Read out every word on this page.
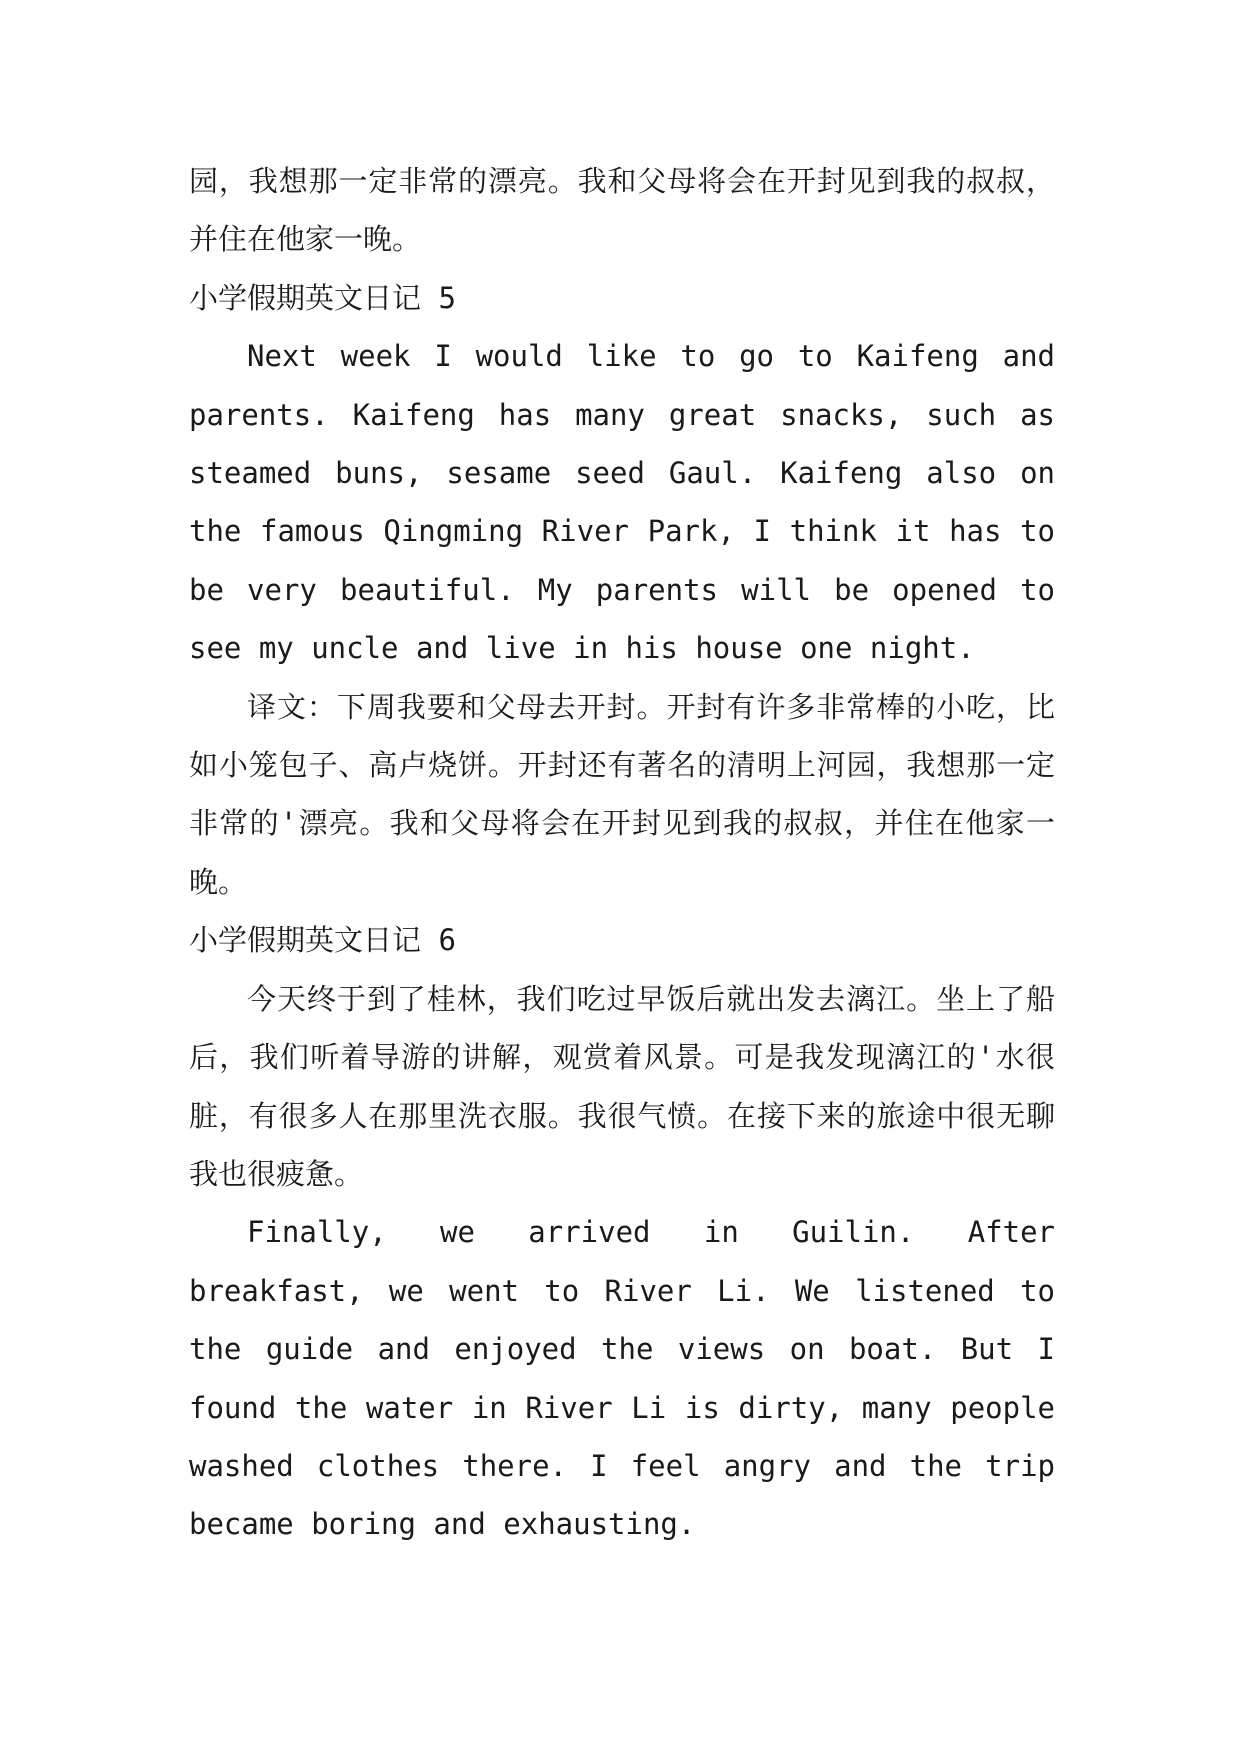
园，我想那一定非常的漂亮。我和父母将会在开封见到我的叔叔，并住在他家一晚。

小学假期英文日记 5

Next week I would like to go to Kaifeng and parents. Kaifeng has many great snacks, such as steamed buns, sesame seed Gaul. Kaifeng also on the famous Qingming River Park, I think it has to be very beautiful. My parents will be opened to see my uncle and live in his house one night.

译文：下周我要和父母去开封。开封有许多非常棒的小吃，比如小笼包子、高卢烧饼。开封还有著名的清明上河园，我想那一定非常的'漂亮。我和父母将会在开封见到我的叔叔，并住在他家一晚。

小学假期英文日记 6

今天终于到了桂林，我们吃过早饭后就出发去漓江。坐上了船后，我们听着导游的讲解，观赏着风景。可是我发现漓江的'水很脏，有很多人在那里洗衣服。我很气愤。在接下来的旅途中很无聊我也很疲惫。

Finally, we arrived in Guilin. After breakfast, we went to River Li. We listened to the guide and enjoyed the views on boat. But I found the water in River Li is dirty, many people washed clothes there. I feel angry and the trip became boring and exhausting.
